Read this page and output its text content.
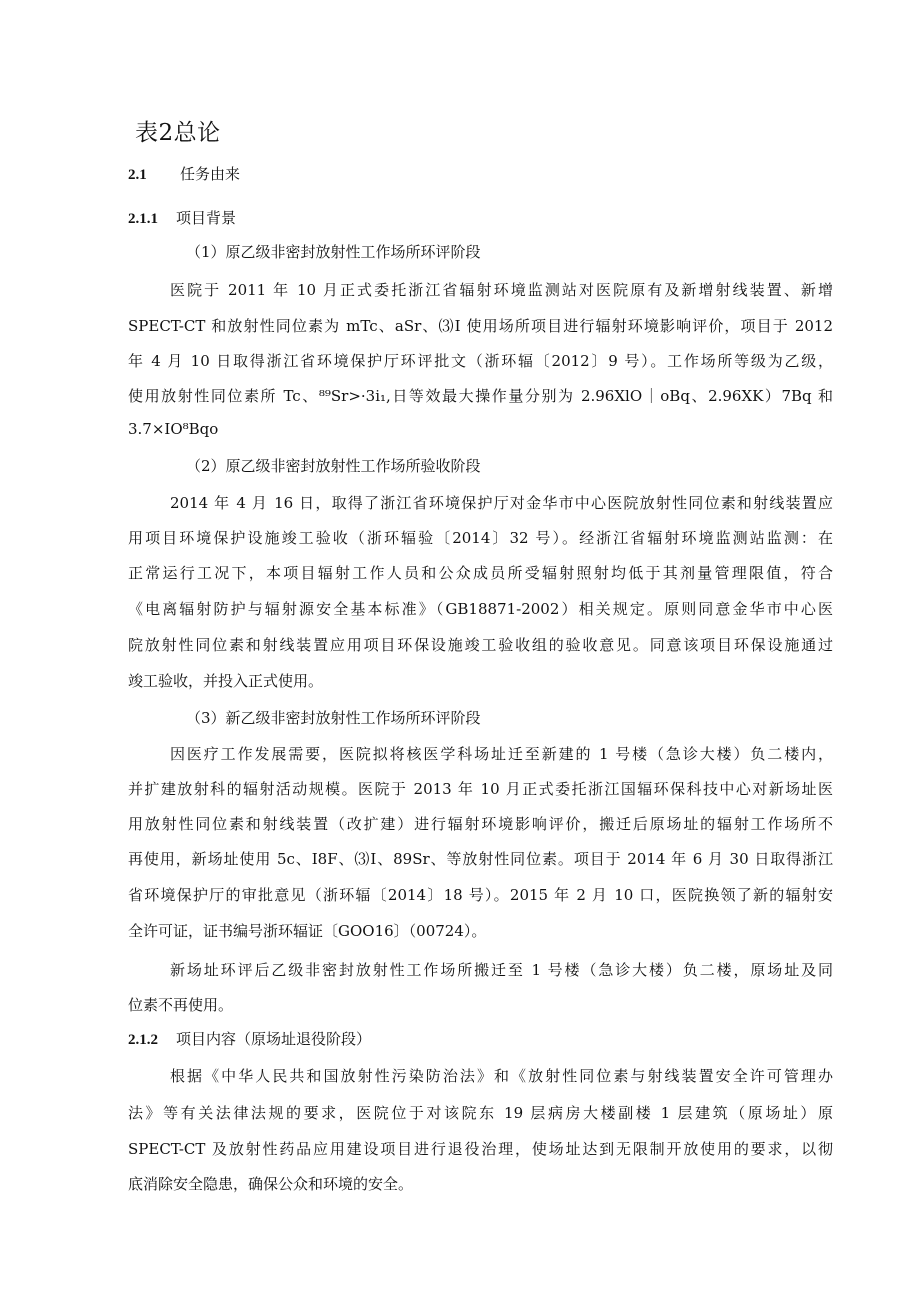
表2总论
2.1 任务由来
2.1.1 项目背景
（1）原乙级非密封放射性工作场所环评阶段
医院于 2011 年 10 月正式委托浙江省辐射环境监测站对医院原有及新增射线装置、新增
SPECT-CT 和放射性同位素为 mTc、aSr、⑶I 使用场所项目进行辐射环境影响评价，项目于 2012
年 4 月 10 日取得浙江省环境保护厅环评批文（浙环辐〔2012〕9 号）。工作场所等级为乙级，
使用放射性同位素所 Tc、⁸⁹Sr>·3i₁,日等效最大操作量分别为 2.96XlO｜oBq、2.96XK）7Bq 和
3.7×IO⁸Bqo
（2）原乙级非密封放射性工作场所验收阶段
2014 年 4 月 16 日，取得了浙江省环境保护厅对金华市中心医院放射性同位素和射线装置应
用项目环境保护设施竣工验收（浙环辐验〔2014〕32 号）。经浙江省辐射环境监测站监测：在
正常运行工况下，本项目辐射工作人员和公众成员所受辐射照射均低于其剂量管理限值，符合
《电离辐射防护与辐射源安全基本标准》（GB18871-2002）相关规定。原则同意金华市中心医
院放射性同位素和射线装置应用项目环保设施竣工验收组的验收意见。同意该项目环保设施通过
竣工验收，并投入正式使用。
（3）新乙级非密封放射性工作场所环评阶段
因医疗工作发展需要，医院拟将核医学科场址迁至新建的 1 号楼（急诊大楼）负二楼内，
并扩建放射科的辐射活动规模。医院于 2013 年 10 月正式委托浙江国辐环保科技中心对新场址医
用放射性同位素和射线装置（改扩建）进行辐射环境影响评价，搬迁后原场址的辐射工作场所不
再使用，新场址使用 5c、I8F、⑶I、89Sr、等放射性同位素。项目于 2014 年 6 月 30 日取得浙江
省环境保护厅的审批意见（浙环辐〔2014〕18 号）。2015 年 2 月 10 口，医院换领了新的辐射安
全许可证，证书编号浙环辐证〔GOO16〕（00724）。
新场址环评后乙级非密封放射性工作场所搬迁至 1 号楼（急诊大楼）负二楼，原场址及同
位素不再使用。
2.1.2 项目内容（原场址退役阶段）
根据《中华人民共和国放射性污染防治法》和《放射性同位素与射线装置安全许可管理办
法》等有关法律法规的要求，医院位于对该院东 19 层病房大楼副楼 1 层建筑（原场址）原
SPECT-CT 及放射性药品应用建设项目进行退役治理，使场址达到无限制开放使用的要求，以彻
底消除安全隐患，确保公众和环境的安全。
